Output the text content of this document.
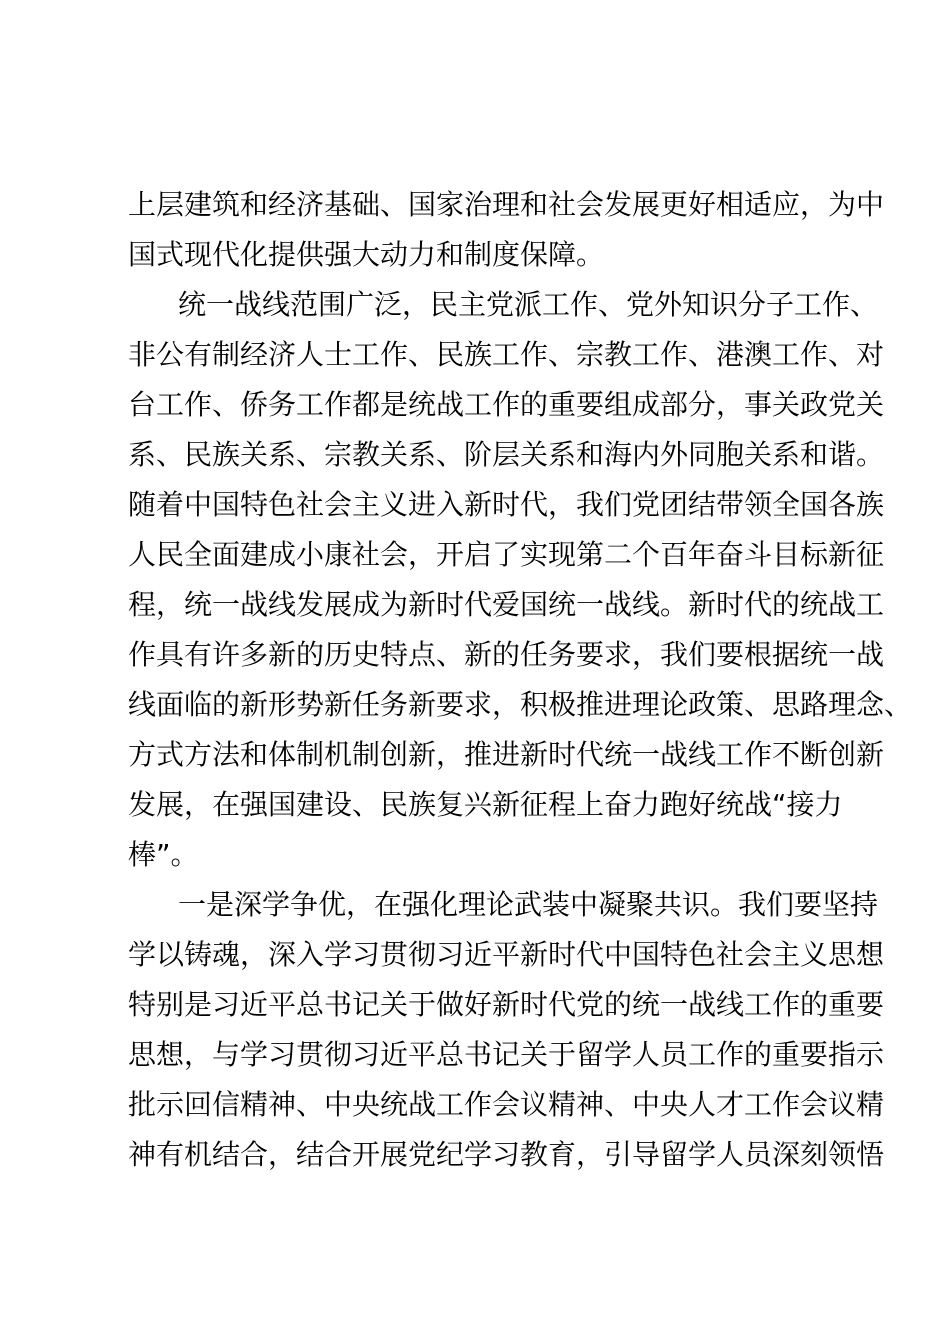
上层建筑和经济基础、国家治理和社会发展更好相适应，为中
国式现代化提供强大动力和制度保障。
统一战线范围广泛，民主党派工作、党外知识分子工作、
非公有制经济人士工作、民族工作、宗教工作、港澳工作、对
台工作、侨务工作都是统战工作的重要组成部分，事关政党关
系、民族关系、宗教关系、阶层关系和海内外同胞关系和谐。
随着中国特色社会主义进入新时代，我们党团结带领全国各族
人民全面建成小康社会，开启了实现第二个百年奋斗目标新征
程，统一战线发展成为新时代爱国统一战线。新时代的统战工
作具有许多新的历史特点、新的任务要求，我们要根据统一战
线面临的新形势新任务新要求，积极推进理论政策、思路理念、
方式方法和体制机制创新，推进新时代统一战线工作不断创新
发展，在强国建设、民族复兴新征程上奋力跑好统战“接力
棒”。
一是深学争优，在强化理论武装中凝聚共识。我们要坚持
学以铸魂，深入学习贯彻习近平新时代中国特色社会主义思想
特别是习近平总书记关于做好新时代党的统一战线工作的重要
思想，与学习贯彻习近平总书记关于留学人员工作的重要指示
批示回信精神、中央统战工作会议精神、中央人才工作会议精
神有机结合，结合开展党纪学习教育，引导留学人员深刻领悟
